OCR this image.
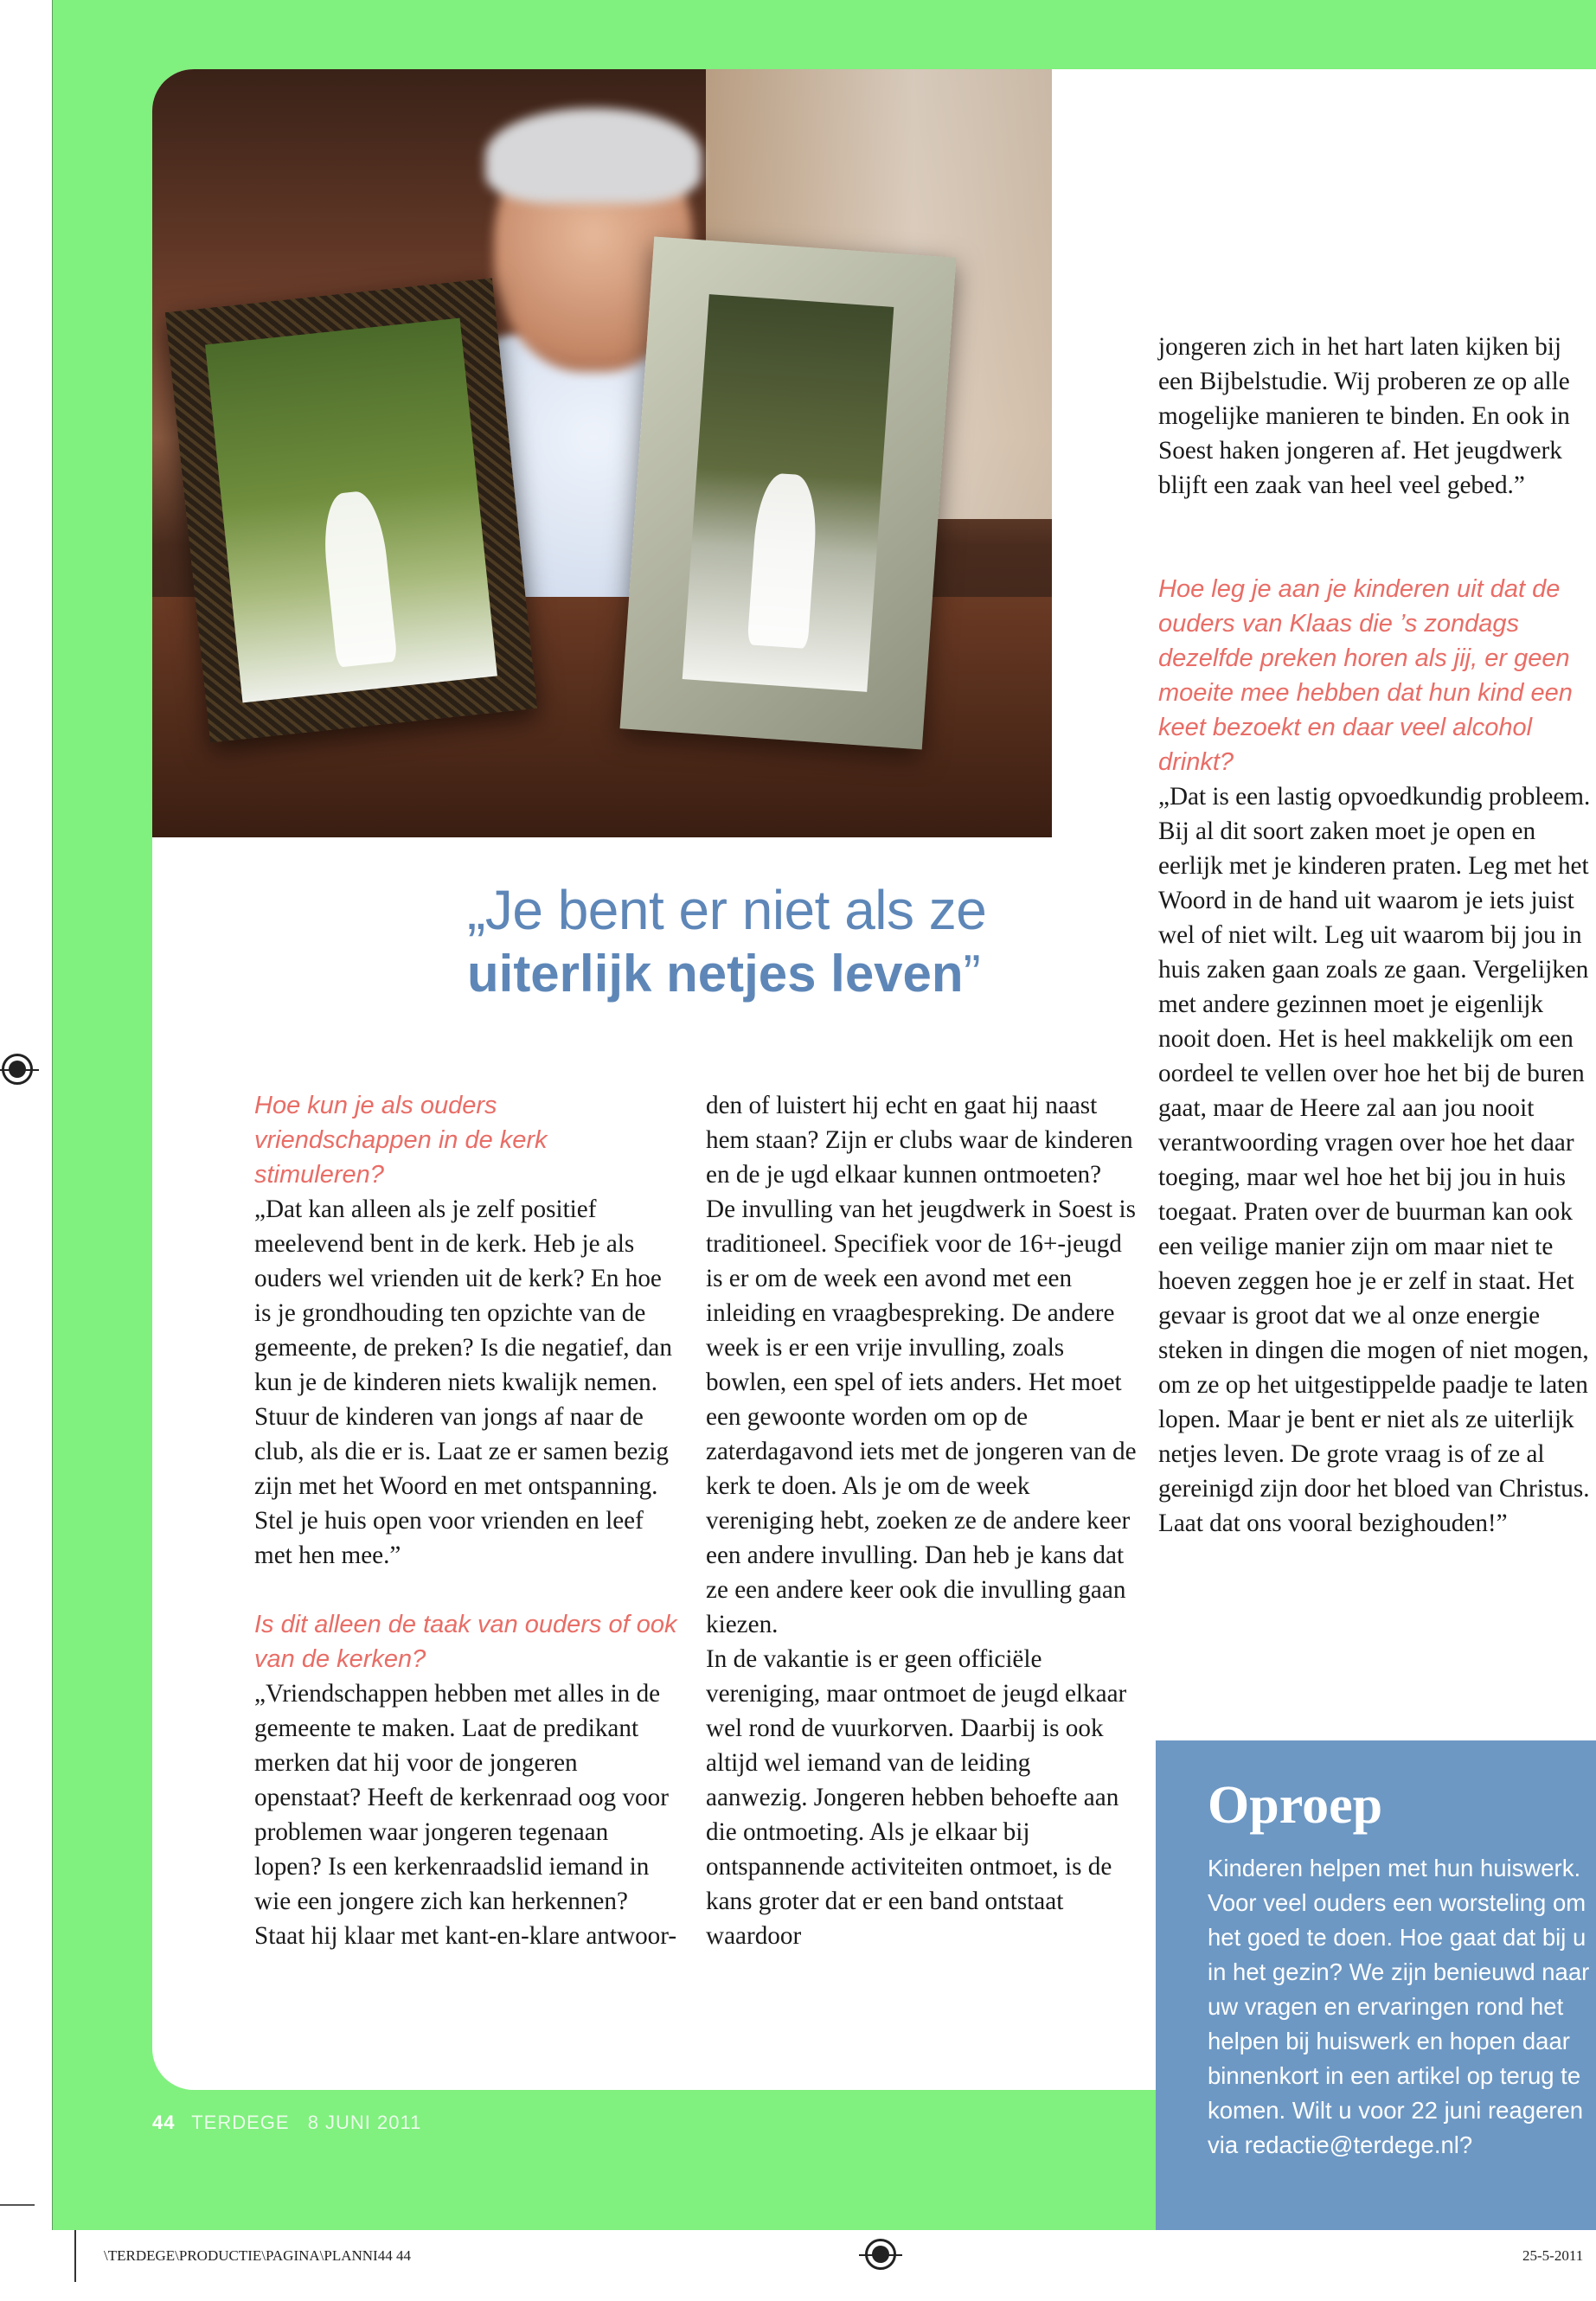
„Je bent er niet als ze
uiterlijk netjes leven”

Hoe kun je als ouders vriendschappen in de kerk stimuleren?

„Dat kan alleen als je zelf positief meelevend bent in de kerk. Heb je als ouders wel vrienden uit de kerk? En hoe is je grondhouding ten opzichte van de gemeente, de preken? Is die negatief, dan kun je de kinderen niets kwalijk nemen.

Stuur de kinderen van jongs af naar de club, als die er is. Laat ze er samen bezig zijn met het Woord en met ontspanning. Stel je huis open voor vrienden en leef met hen mee.”

Is dit alleen de taak van ouders of ook van de kerken?

„Vriendschappen hebben met alles in de gemeente te maken. Laat de predikant merken dat hij voor de jongeren openstaat? Heeft de kerkenraad oog voor problemen waar jongeren tegenaan lopen? Is een kerkenraadslid iemand in wie een jongere zich kan herkennen? Staat hij klaar met kant-en-klare antwoor-

den of luistert hij echt en gaat hij naast hem staan? Zijn er clubs waar de kinderen en de je ugd elkaar kunnen ontmoeten?

De invulling van het jeugdwerk in Soest is traditioneel. Specifiek voor de 16+-jeugd is er om de week een avond met een inleiding en vraagbespreking. De andere week is er een vrije invulling, zoals bowlen, een spel of iets anders. Het moet een gewoonte worden om op de zaterdagavond iets met de jongeren van de kerk te doen. Als je om de week vereniging hebt, zoeken ze de andere keer een andere invulling. Dan heb je kans dat ze een andere keer ook die invulling gaan kiezen.

In de vakantie is er geen officiële vereniging, maar ontmoet de jeugd elkaar wel rond de vuurkorven. Daarbij is ook altijd wel iemand van de leiding aanwezig. Jongeren hebben behoefte aan die ontmoeting. Als je elkaar bij ontspannende activiteiten ontmoet, is de kans groter dat er een band ontstaat waardoor

jongeren zich in het hart laten kijken bij een Bijbelstudie. Wij proberen ze op alle mogelijke manieren te binden. En ook in Soest haken jongeren af. Het jeugdwerk blijft een zaak van heel veel gebed.”

Hoe leg je aan je kinderen uit dat de ouders van Klaas die ’s zondags dezelfde preken horen als jij, er geen moeite mee hebben dat hun kind een keet bezoekt en daar veel alcohol drinkt?

„Dat is een lastig opvoedkundig probleem. Bij al dit soort zaken moet je open en eerlijk met je kinderen praten. Leg met het Woord in de hand uit waarom je iets juist wel of niet wilt. Leg uit waarom bij jou in huis zaken gaan zoals ze gaan. Vergelijken met andere gezinnen moet je eigenlijk nooit doen. Het is heel makkelijk om een oordeel te vellen over hoe het bij de buren gaat, maar de Heere zal aan jou nooit verantwoording vragen over hoe het daar toeging, maar wel hoe het bij jou in huis toegaat. Praten over de buurman kan ook een veilige manier zijn om maar niet te hoeven zeggen hoe je er zelf in staat. Het gevaar is groot dat we al onze energie steken in dingen die mogen of niet mogen, om ze op het uitgestippelde paadje te laten lopen. Maar je bent er niet als ze uiterlijk netjes leven. De grote vraag is of ze al gereinigd zijn door het bloed van Christus. Laat dat ons vooral bezighouden!”

Oproep
Kinderen helpen met hun huiswerk.
Voor veel ouders een worsteling om
het goed te doen. Hoe gaat dat bij u
in het gezin? We zijn benieuwd naar
uw vragen en ervaringen rond het
helpen bij huiswerk en hopen daar
binnenkort in een artikel op terug te
komen. Wilt u voor 22 juni reageren
via redactie@terdege.nl?
44 TERDEGE 8 JUNI 2011
\TERDEGE\PRODUCTIE\PAGINA\PLANNI44 44	25-5-2011
